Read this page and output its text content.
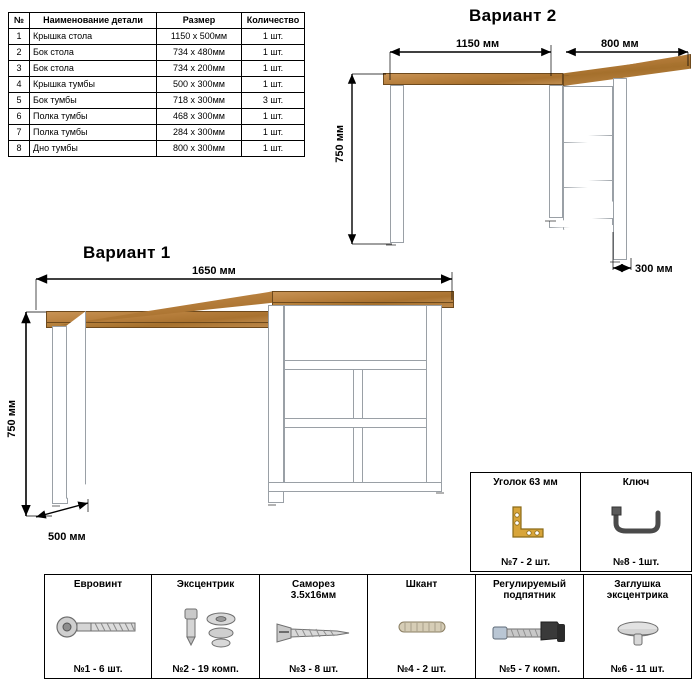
№	Наименование детали	Размер	Количество
1	Крышка стола	1150 x 500мм	1 шт.
2	Бок стола	734 x 480мм	1 шт.
3	Бок стола	734 x 200мм	1 шт.
4	Крышка тумбы	500 x 300мм	1 шт.
5	Бок тумбы	718 x 300мм	3 шт.
6	Полка тумбы	468 x 300мм	1 шт.
7	Полка тумбы	284 x 300мм	1 шт.
8	Дно тумбы	800 x 300мм	1 шт.
Вариант 2
1150 мм	800 мм
750 мм
300 мм
Вариант 1
1650 мм
750 мм
500 мм
Уголок 63 мм
№7 - 2 шт.
Ключ
№8 - 1шт.
Еврoвинт
№1 - 6 шт.
Эксцентрик
№2 - 19 комп.
Саморез
3.5х16мм
№3 - 8 шт.
Шкант
№4 - 2 шт.
Регулируемый
подпятник
№5 - 7 комп.
Заглушка
эксцентрика
№6 - 11 шт.
